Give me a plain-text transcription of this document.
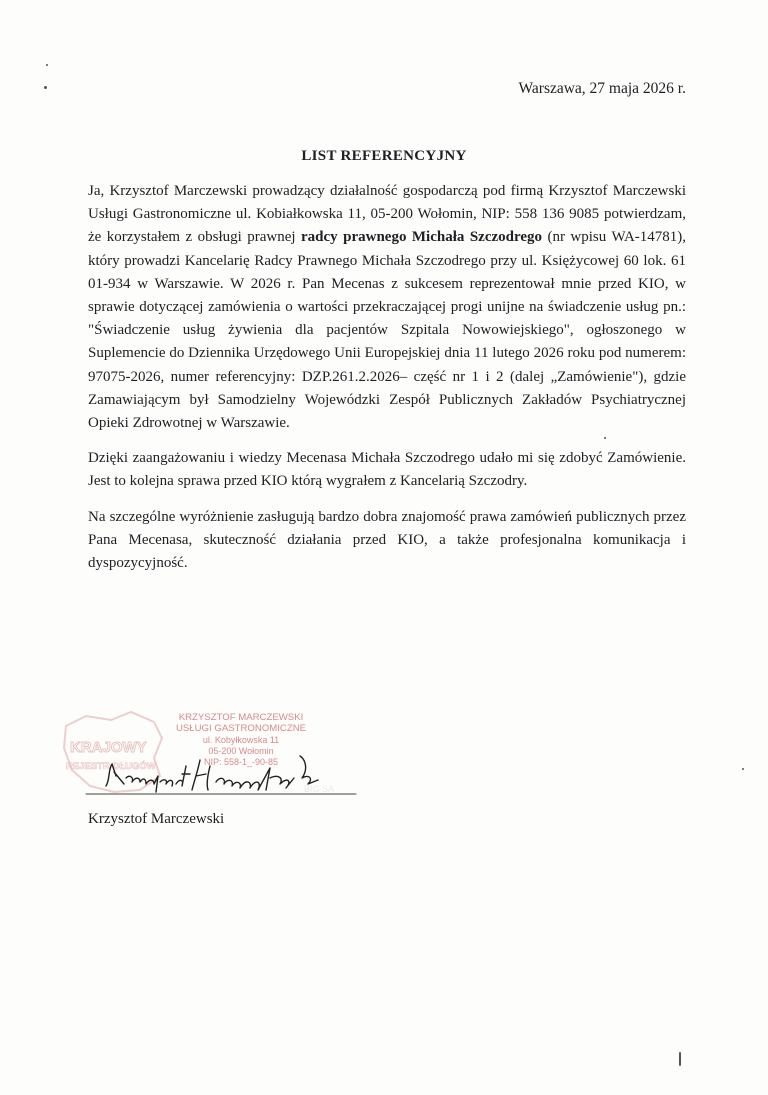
Warszawa, 27 maja 2026 r.
LIST REFERENCYJNY

Ja, Krzysztof Marczewski prowadzący działalność gospodarczą pod firmą Krzysztof Marczewski Usługi Gastronomiczne ul. Kobiałkowska 11, 05-200 Wołomin, NIP: 558 136 9085 potwierdzam, że korzystałem z obsługi prawnej radcy prawnego Michała Szczodrego (nr wpisu WA-14781), który prowadzi Kancelarię Radcy Prawnego Michała Szczodrego przy ul. Księżycowej 60 lok. 61 01-934 w Warszawie. W 2026 r. Pan Mecenas z sukcesem reprezentował mnie przed KIO, w sprawie dotyczącej zamówienia o wartości przekraczającej progi unijne na świadczenie usług pn.: "Świadczenie usług żywienia dla pacjentów Szpitala Nowowiejskiego", ogłoszonego w Suplemencie do Dziennika Urzędowego Unii Europejskiej dnia 11 lutego 2026 roku pod numerem: 97075-2026, numer referencyjny: DZP.261.2.2026– część nr 1 i 2 (dalej „Zamówienie"), gdzie Zamawiającym był Samodzielny Wojewódzki Zespół Publicznych Zakładów Psychiatrycznej Opieki Zdrowotnej w Warszawie.

Dzięki zaangażowaniu i wiedzy Mecenasa Michała Szczodrego udało mi się zdobyć Zamówienie. Jest to kolejna sprawa przed KIO którą wygrałem z Kancelarią Szczodry.

Na szczególne wyróżnienie zasługują bardzo dobra znajomość prawa zamówień publicznych przez Pana Mecenasa, skuteczność działania przed KIO, a także profesjonalna komunikacja i dyspozycyjność.

KRAJOWY
REJESTR DŁUGÓW
BIG SA
KRZYSZTOF MARCZEWSKI
USŁUGI GASTRONOMICZNE
ul. Kobyłkowska 11
05-200 Wołomin
NIP: 558-1_-90-85
Krzysztof Marczewski
